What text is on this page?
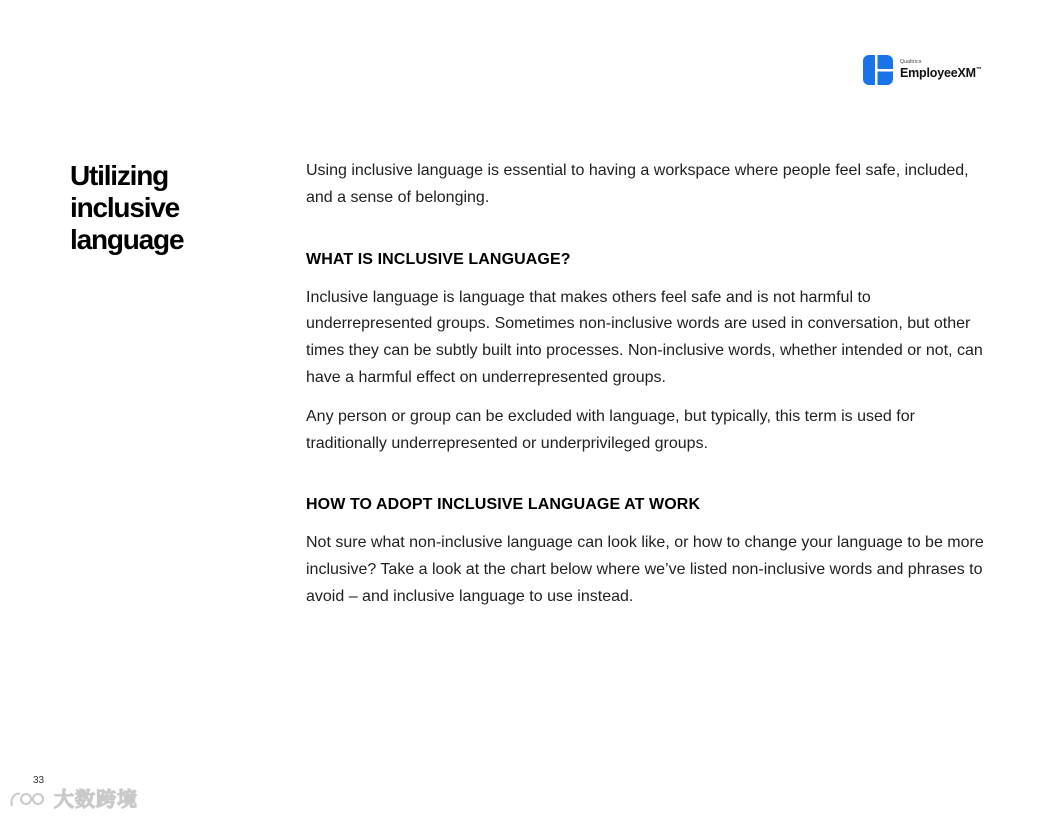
Qualtrics
EmployeeXM™
Utilizing inclusive language

Using inclusive language is essential to having a workspace where people feel safe, included, and a sense of belonging.

WHAT IS INCLUSIVE LANGUAGE?

Inclusive language is language that makes others feel safe and is not harmful to underrepresented groups. Sometimes non-inclusive words are used in conversation, but other times they can be subtly built into processes. Non-inclusive words, whether intended or not, can have a harmful effect on underrepresented groups.

Any person or group can be excluded with language, but typically, this term is used for traditionally underrepresented or underprivileged groups.

HOW TO ADOPT INCLUSIVE LANGUAGE AT WORK

Not sure what non-inclusive language can look like, or how to change your language to be more inclusive? Take a look at the chart below where we’ve listed non-inclusive words and phrases to avoid – and inclusive language to use instead.

33
大数跨境
